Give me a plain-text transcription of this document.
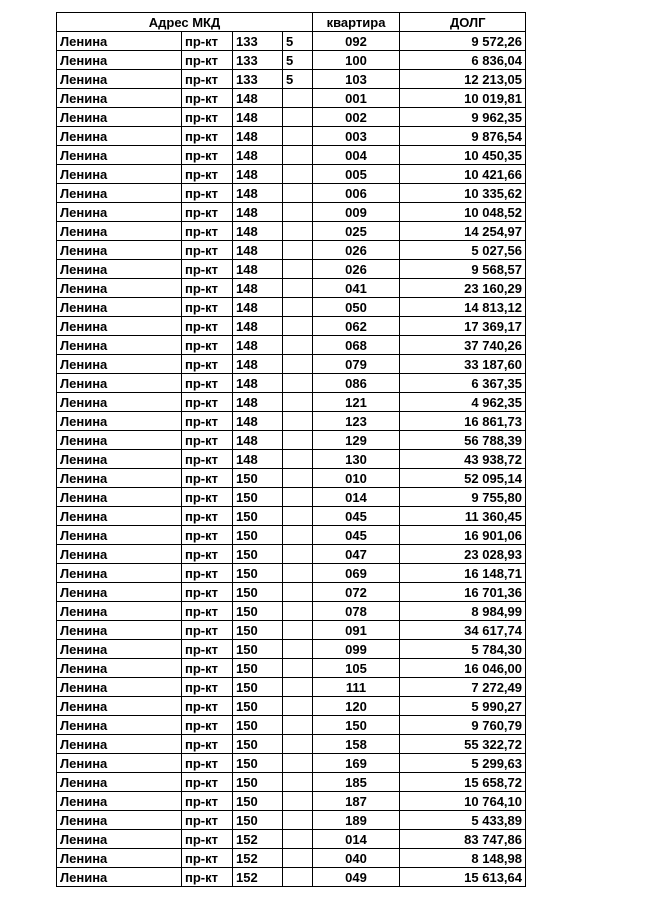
Адрес МКД				квартира	ДОЛГ
Ленина	пр-кт	133	5	092	9 572,26
Ленина	пр-кт	133	5	100	6 836,04
Ленина	пр-кт	133	5	103	12 213,05
Ленина	пр-кт	148		001	10 019,81
Ленина	пр-кт	148		002	9 962,35
Ленина	пр-кт	148		003	9 876,54
Ленина	пр-кт	148		004	10 450,35
Ленина	пр-кт	148		005	10 421,66
Ленина	пр-кт	148		006	10 335,62
Ленина	пр-кт	148		009	10 048,52
Ленина	пр-кт	148		025	14 254,97
Ленина	пр-кт	148		026	5 027,56
Ленина	пр-кт	148		026	9 568,57
Ленина	пр-кт	148		041	23 160,29
Ленина	пр-кт	148		050	14 813,12
Ленина	пр-кт	148		062	17 369,17
Ленина	пр-кт	148		068	37 740,26
Ленина	пр-кт	148		079	33 187,60
Ленина	пр-кт	148		086	6 367,35
Ленина	пр-кт	148		121	4 962,35
Ленина	пр-кт	148		123	16 861,73
Ленина	пр-кт	148		129	56 788,39
Ленина	пр-кт	148		130	43 938,72
Ленина	пр-кт	150		010	52 095,14
Ленина	пр-кт	150		014	9 755,80
Ленина	пр-кт	150		045	11 360,45
Ленина	пр-кт	150		045	16 901,06
Ленина	пр-кт	150		047	23 028,93
Ленина	пр-кт	150		069	16 148,71
Ленина	пр-кт	150		072	16 701,36
Ленина	пр-кт	150		078	8 984,99
Ленина	пр-кт	150		091	34 617,74
Ленина	пр-кт	150		099	5 784,30
Ленина	пр-кт	150		105	16 046,00
Ленина	пр-кт	150		111	7 272,49
Ленина	пр-кт	150		120	5 990,27
Ленина	пр-кт	150		150	9 760,79
Ленина	пр-кт	150		158	55 322,72
Ленина	пр-кт	150		169	5 299,63
Ленина	пр-кт	150		185	15 658,72
Ленина	пр-кт	150		187	10 764,10
Ленина	пр-кт	150		189	5 433,89
Ленина	пр-кт	152		014	83 747,86
Ленина	пр-кт	152		040	8 148,98
Ленина	пр-кт	152		049	15 613,64
